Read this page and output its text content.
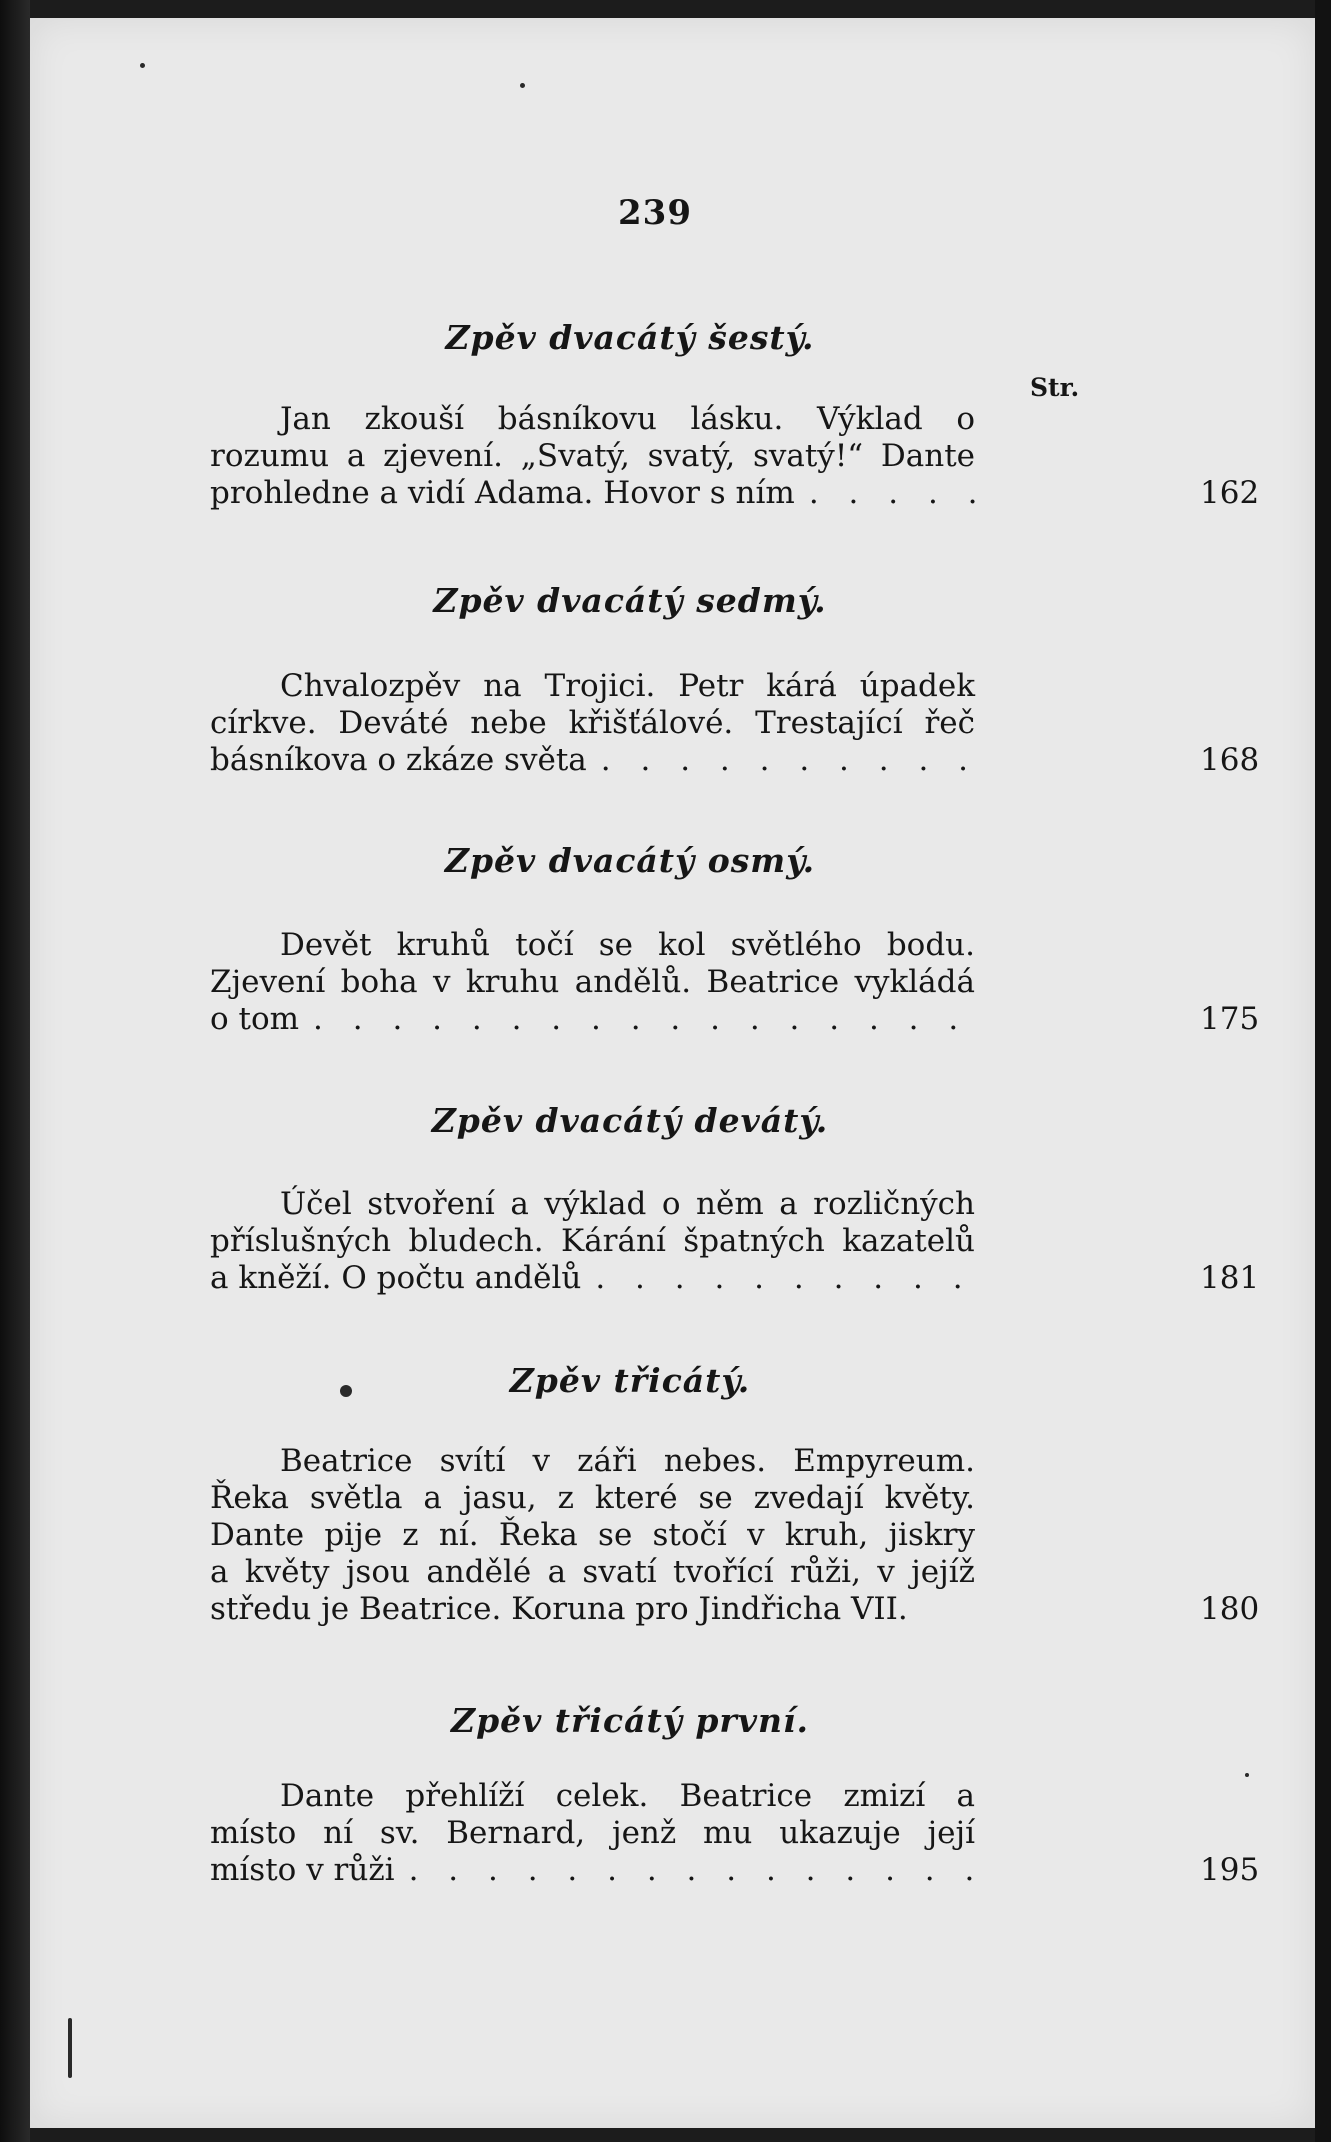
239
Str.
Zpěv dvacátý šestý.
Jan zkouší básníkovu lásku. Výklad o
rozumu a zjevení. „Svatý, svatý, svatý!“ Dante
prohledne a vidí Adama. Hovor s ním . . .	162
Zpěv dvacátý sedmý.
Chvalozpěv na Trojici. Petr kárá úpadek
církve. Deváté nebe křišťálové. Trestající řeč
básníkova o zkáze světa . . .	168
Zpěv dvacátý osmý.
Devět kruhů točí se kol světlého bodu.
Zjevení boha v kruhu andělů. Beatrice vykládá
o tom . . .	175
Zpěv dvacátý devátý.
Účel stvoření a výklad o něm a rozličných
příslušných bludech. Kárání špatných kazatelů
a kněží. O počtu andělů . . .	181
Zpěv třicátý.
Beatrice svítí v záři nebes. Empyreum.
Řeka světla a jasu, z které se zvedají květy.
Dante pije z ní. Řeka se stočí v kruh, jiskry
a květy jsou andělé a svatí tvořící růži, v jejíž
středu je Beatrice. Koruna pro Jindřicha VII.	180
Zpěv třicátý první.
Dante přehlíží celek. Beatrice zmizí a
místo ní sv. Bernard, jenž mu ukazuje její
místo v růži . . .	195
